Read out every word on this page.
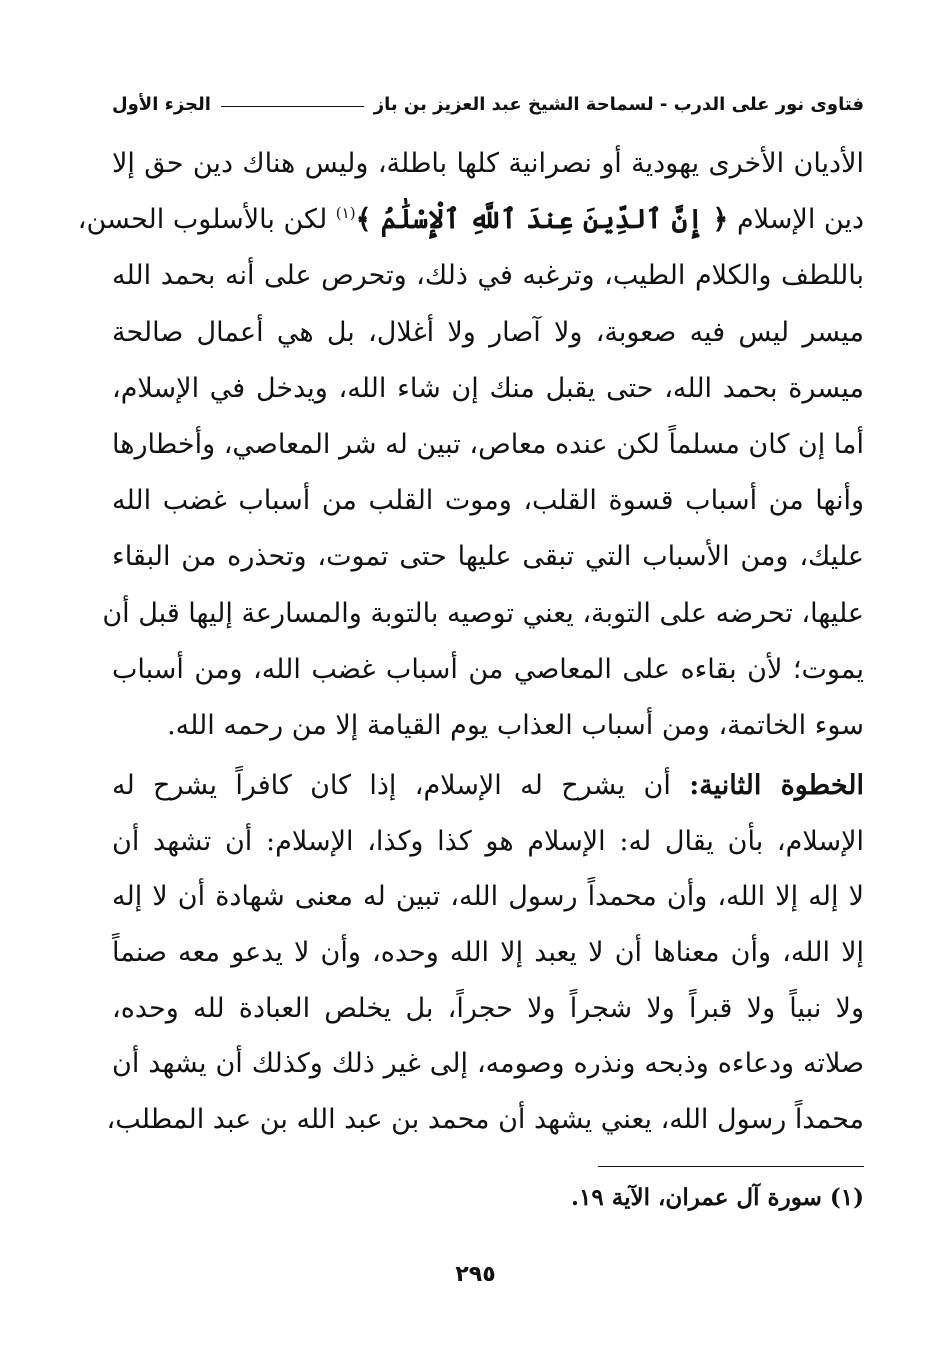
فتاوى نور على الدرب - لسماحة الشيخ عبد العزيز بن باز
الجزء الأول
الأديان الأخرى يهودية أو نصرانية كلها باطلة، وليس هناك دين حق إلا
دين الإسلام ﴿ إِنَّ ٱلدِّينَ عِندَ ٱللَّهِ ٱلْإِسْلَٰمُ ﴾$^{(١)}$ لكن بالأسلوب الحسن،
باللطف والكلام الطيب، وترغبه في ذلك، وتحرص على أنه بحمد الله
ميسر ليس فيه صعوبة، ولا آصار ولا أغلال، بل هي أعمال صالحة
ميسرة بحمد الله، حتى يقبل منك إن شاء الله، ويدخل في الإسلام،
أما إن كان مسلماً لكن عنده معاص، تبين له شر المعاصي، وأخطارها
وأنها من أسباب قسوة القلب، وموت القلب من أسباب غضب الله
عليك، ومن الأسباب التي تبقى عليها حتى تموت، وتحذره من البقاء
عليها، تحرضه على التوبة، يعني توصيه بالتوبة والمسارعة إليها قبل أن
يموت؛ لأن بقاءه على المعاصي من أسباب غضب الله، ومن أسباب
سوء الخاتمة، ومن أسباب العذاب يوم القيامة إلا من رحمه الله.
الخطوة الثانية: أن يشرح له الإسلام، إذا كان كافراً يشرح له
الإسلام، بأن يقال له: الإسلام هو كذا وكذا، الإسلام: أن تشهد أن
لا إله إلا الله، وأن محمداً رسول الله، تبين له معنى شهادة أن لا إله
إلا الله، وأن معناها أن لا يعبد إلا الله وحده، وأن لا يدعو معه صنماً
ولا نبياً ولا قبراً ولا شجراً ولا حجراً، بل يخلص العبادة لله وحده،
صلاته ودعاءه وذبحه ونذره وصومه، إلى غير ذلك وكذلك أن يشهد أن
محمداً رسول الله، يعني يشهد أن محمد بن عبد الله بن عبد المطلب،
(١) سورة آل عمران، الآية ١٩.
٢٩٥
